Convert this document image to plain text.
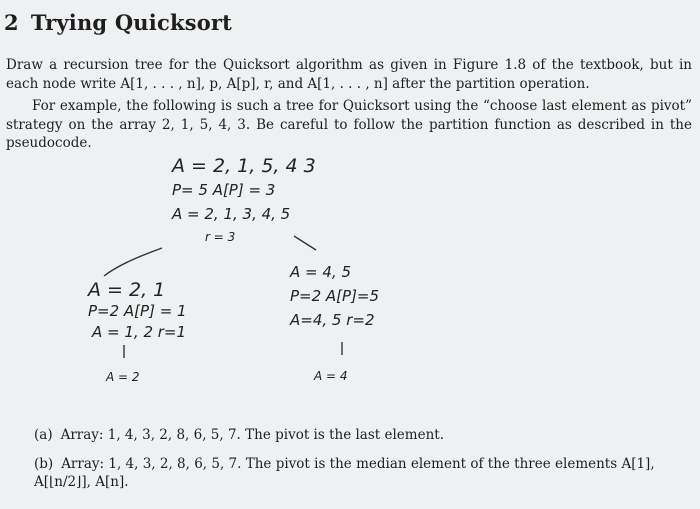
2 Trying Quicksort
Draw a recursion tree for the Quicksort algorithm as given in Figure 1.8 of the textbook, but in each node write A[1, . . . , n], p, A[p], r, and A[1, . . . , n] after the partition operation.
For example, the following is such a tree for Quicksort using the “choose last element as pivot” strategy on the array 2, 1, 5, 4, 3. Be careful to follow the partition function as described in the pseudocode.
A = 2, 1, 5, 4 3
P= 5 A[P] = 3
A = 2, 1, 3, 4, 5
r = 3
A = 2, 1
P=2 A[P] = 1
A = 1, 2 r=1
A = 2
A = 4, 5
P=2 A[P]=5
A=4, 5 r=2
A = 4
(a) Array: 1, 4, 3, 2, 8, 6, 5, 7. The pivot is the last element.
(b) Array: 1, 4, 3, 2, 8, 6, 5, 7. The pivot is the median element of the three elements A[1], A[⌊n/2⌋], A[n].
